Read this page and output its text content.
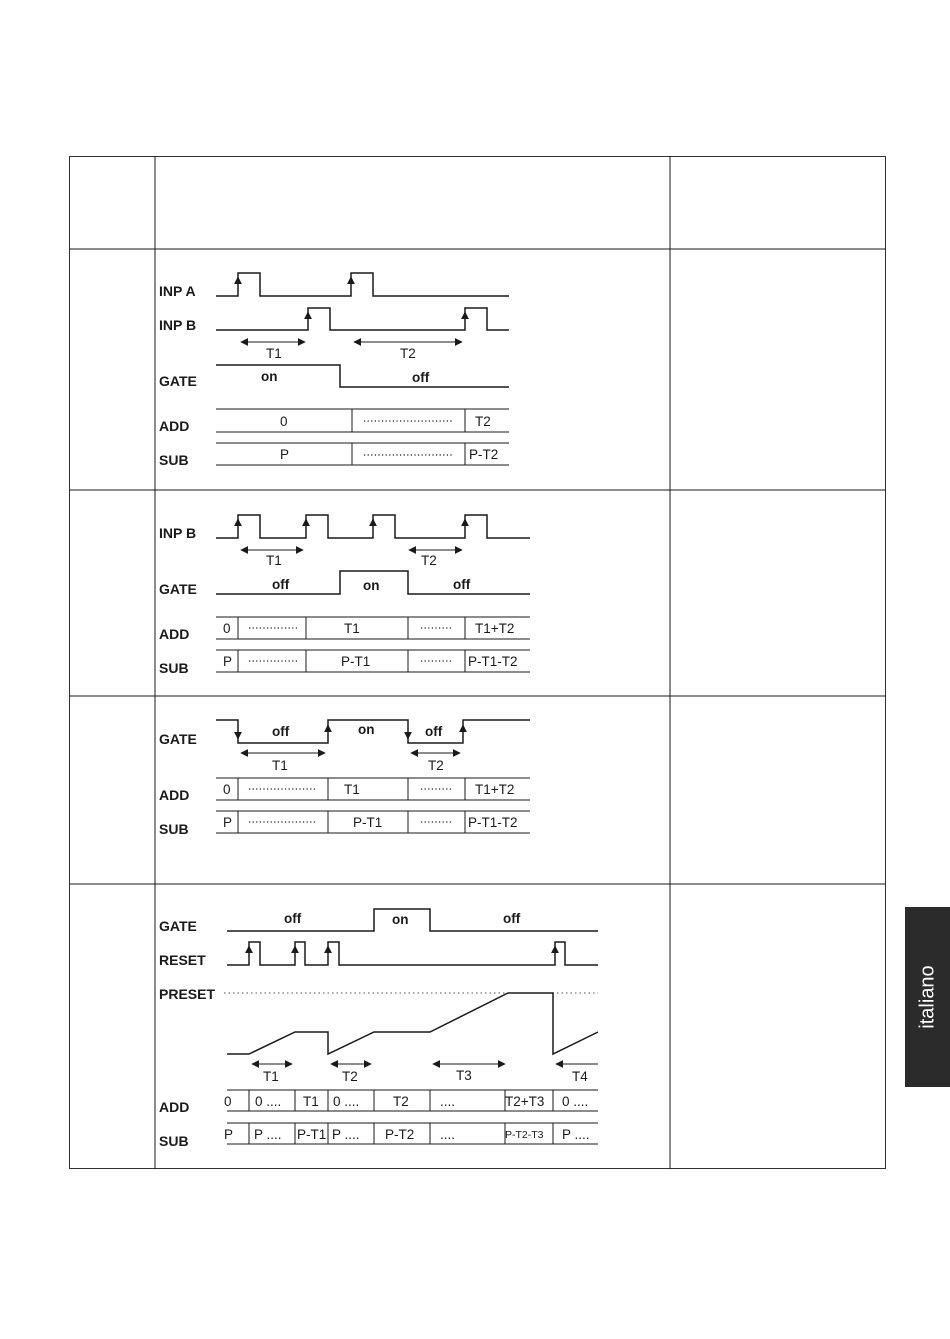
INP A
INP B
GATE
ADD
SUB
T1	T2
on	off
0	T2
P	P-T2
INP B
GATE
ADD
SUB
T1	T2
off	on	off
0	T1	T1+T2
P	P-T1	P-T1-T2
GATE
ADD
SUB
off	on	off
T1	T2
0	T1	T1+T2
P	P-T1	P-T1-T2
GATE
RESET
PRESET
ADD
SUB
off	on	off
T1	T2	T3	T4
0 0 .... T1 0 .... T2 ....	T2+T3 0 ....
P P .... P-T1 P .... P-T2 ....	P-T2-T3 P ....
italiano
